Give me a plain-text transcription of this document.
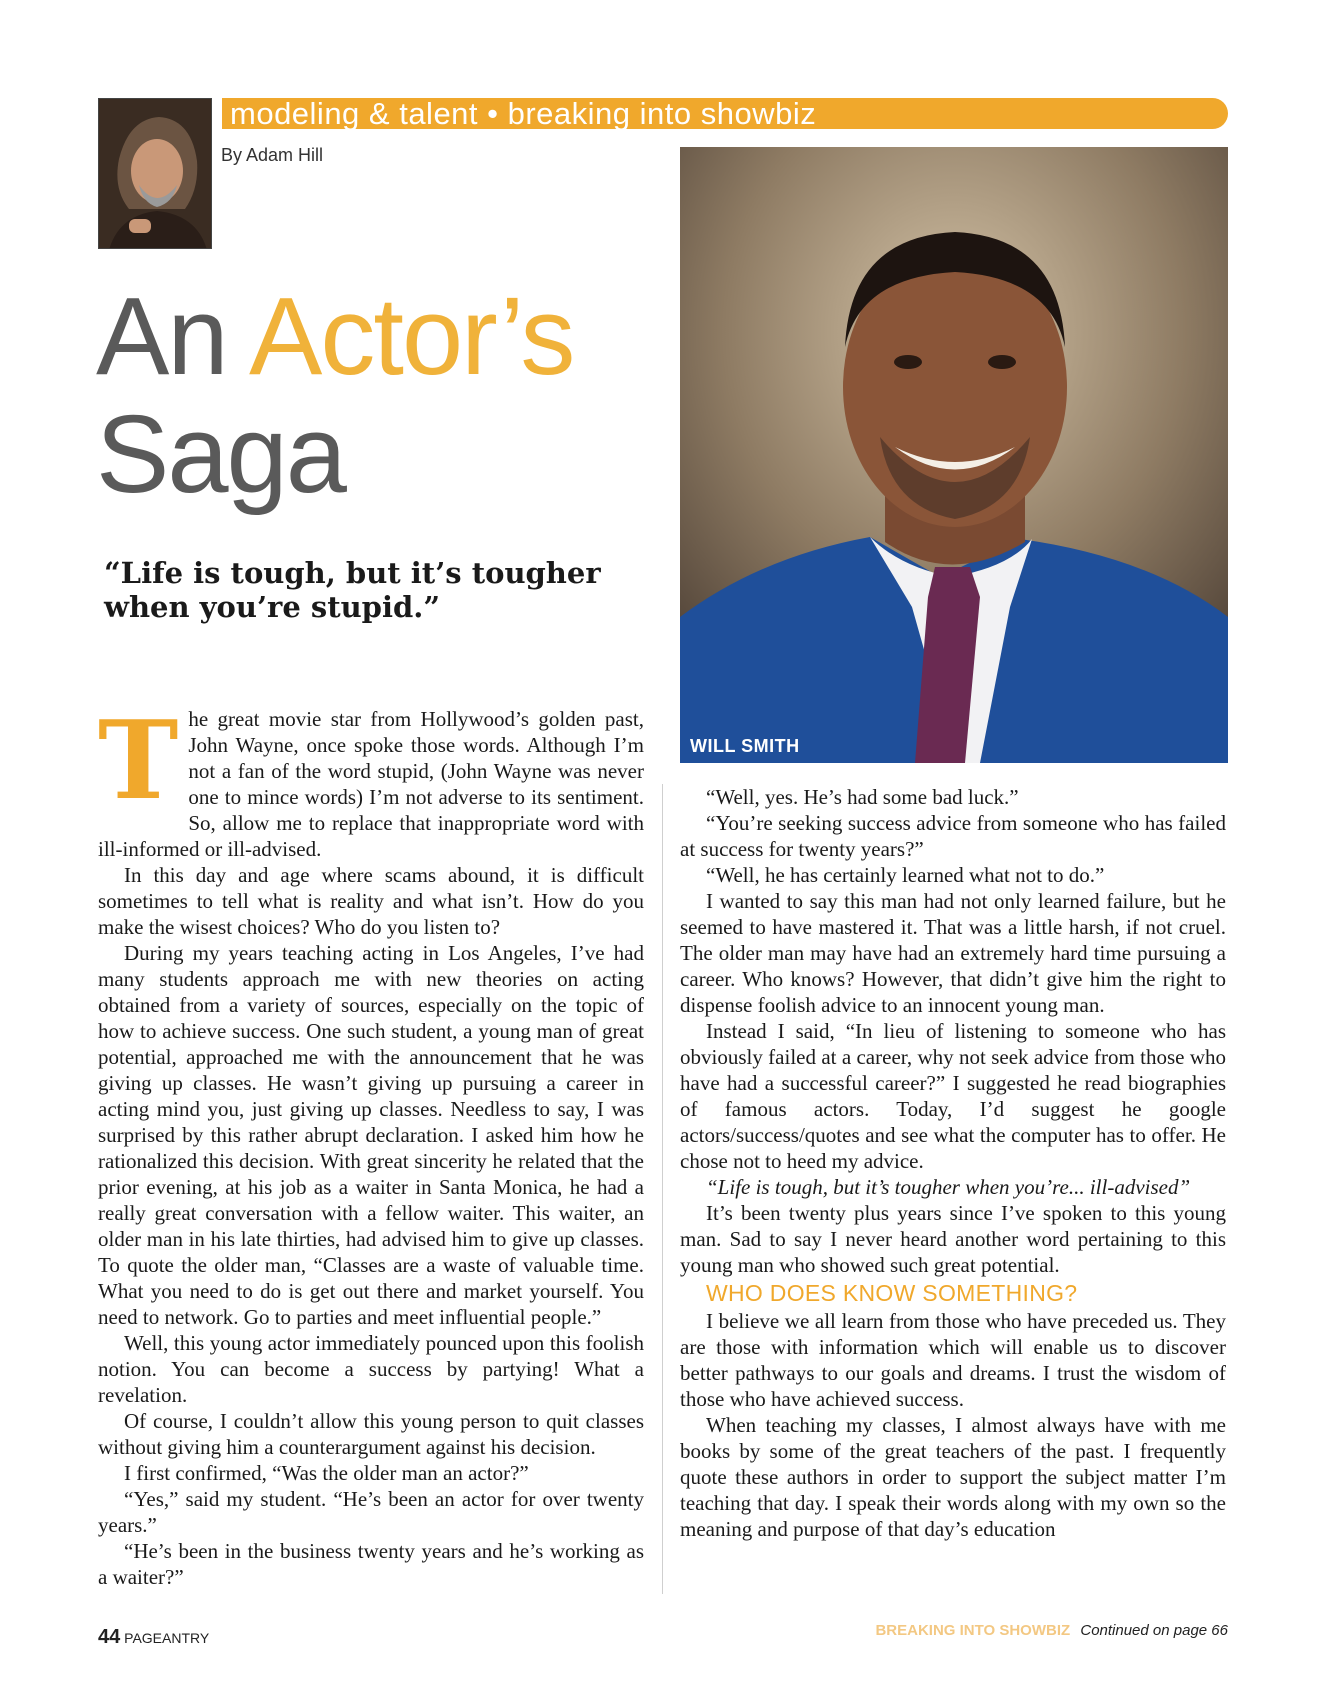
modeling & talent • breaking into showbiz
By Adam Hill
An Actor’s
Saga
“Life is tough, but it’s tougher when you’re stupid.”
WILL SMITH
T he great movie star from Hollywood’s golden past, John Wayne, once spoke those words. Although I’m not a fan of the word stupid, (John Wayne was never one to mince words) I’m not adverse to its sentiment. So, allow me to replace that inappropriate word with ill-informed or ill-advised.

In this day and age where scams abound, it is difficult sometimes to tell what is reality and what isn’t. How do you make the wisest choices? Who do you listen to?

During my years teaching acting in Los Angeles, I’ve had many students approach me with new theories on acting obtained from a variety of sources, especially on the topic of how to achieve success. One such student, a young man of great potential, approached me with the announcement that he was giving up classes. He wasn’t giving up pursuing a career in acting mind you, just giving up classes. Needless to say, I was surprised by this rather abrupt declaration. I asked him how he rationalized this decision. With great sincerity he related that the prior evening, at his job as a waiter in Santa Monica, he had a really great conversation with a fellow waiter. This waiter, an older man in his late thirties, had advised him to give up classes. To quote the older man, “Classes are a waste of valuable time. What you need to do is get out there and market yourself. You need to network. Go to parties and meet influential people.”

Well, this young actor immediately pounced upon this foolish notion. You can become a success by partying! What a revelation.

Of course, I couldn’t allow this young person to quit classes without giving him a counterargument against his decision.

I first confirmed, “Was the older man an actor?”

“Yes,” said my student. “He’s been an actor for over twenty years.”

“He’s been in the business twenty years and he’s working as a waiter?”

“Well, yes. He’s had some bad luck.”

“You’re seeking success advice from someone who has failed at success for twenty years?”

“Well, he has certainly learned what not to do.”

I wanted to say this man had not only learned failure, but he seemed to have mastered it. That was a little harsh, if not cruel. The older man may have had an extremely hard time pursuing a career. Who knows? However, that didn’t give him the right to dispense foolish advice to an innocent young man.

Instead I said, “In lieu of listening to someone who has obviously failed at a career, why not seek advice from those who have had a successful career?” I suggested he read biographies of famous actors. Today, I’d suggest he google actors/success/quotes and see what the computer has to offer. He chose not to heed my advice.

“Life is tough, but it’s tougher when you’re... ill-advised”

It’s been twenty plus years since I’ve spoken to this young man. Sad to say I never heard another word pertaining to this young man who showed such great potential.

WHO DOES KNOW SOMETHING?

I believe we all learn from those who have preceded us. They are those with information which will enable us to discover better pathways to our goals and dreams. I trust the wisdom of those who have achieved success.

When teaching my classes, I almost always have with me books by some of the great teachers of the past. I frequently quote these authors in order to support the subject matter I’m teaching that day. I speak their words along with my own so the meaning and purpose of that day’s education

44 PAGEANTRY	BREAKING INTO SHOWBIZ Continued on page 66
